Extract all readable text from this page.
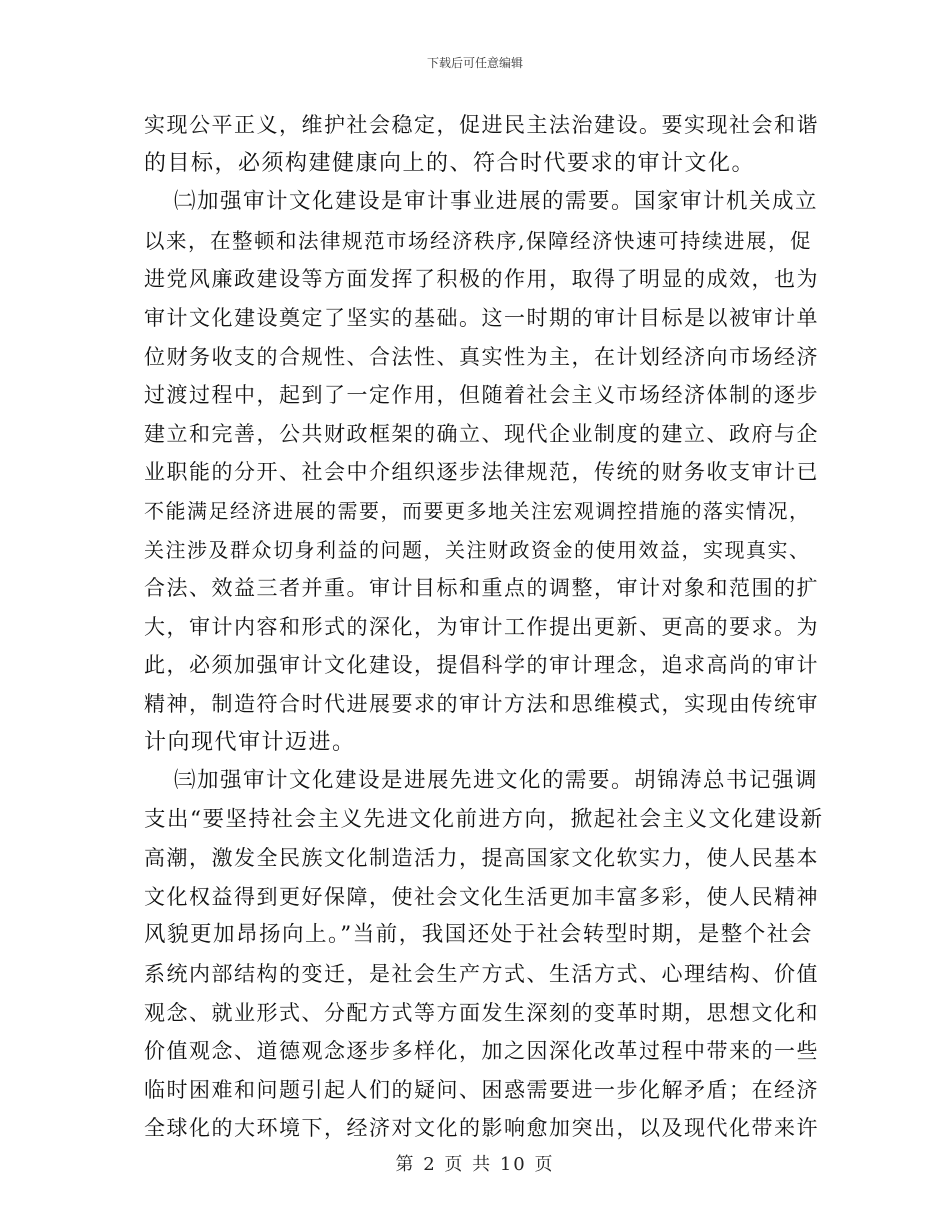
下载后可任意编辑
实现公平正义，维护社会稳定，促进民主法治建设。要实现社会和谐
的目标，必须构建健康向上的、符合时代要求的审计文化。
㈡加强审计文化建设是审计事业进展的需要。国家审计机关成立
以来，在整顿和法律规范市场经济秩序,保障经济快速可持续进展，促
进党风廉政建设等方面发挥了积极的作用，取得了明显的成效，也为
审计文化建设奠定了坚实的基础。这一时期的审计目标是以被审计单
位财务收支的合规性、合法性、真实性为主，在计划经济向市场经济
过渡过程中，起到了一定作用，但随着社会主义市场经济体制的逐步
建立和完善，公共财政框架的确立、现代企业制度的建立、政府与企
业职能的分开、社会中介组织逐步法律规范，传统的财务收支审计已
不能满足经济进展的需要，而要更多地关注宏观调控措施的落实情况，
关注涉及群众切身利益的问题，关注财政资金的使用效益，实现真实、
合法、效益三者并重。审计目标和重点的调整，审计对象和范围的扩
大，审计内容和形式的深化，为审计工作提出更新、更高的要求。为
此，必须加强审计文化建设，提倡科学的审计理念，追求高尚的审计
精神，制造符合时代进展要求的审计方法和思维模式，实现由传统审
计向现代审计迈进。
㈢加强审计文化建设是进展先进文化的需要。胡锦涛总书记强调
支出“要坚持社会主义先进文化前进方向，掀起社会主义文化建设新
高潮，激发全民族文化制造活力，提高国家文化软实力，使人民基本
文化权益得到更好保障，使社会文化生活更加丰富多彩，使人民精神
风貌更加昂扬向上。”当前，我国还处于社会转型时期，是整个社会
系统内部结构的变迁，是社会生产方式、生活方式、心理结构、价值
观念、就业形式、分配方式等方面发生深刻的变革时期，思想文化和
价值观念、道德观念逐步多样化，加之因深化改革过程中带来的一些
临时困难和问题引起人们的疑问、困惑需要进一步化解矛盾；在经济
全球化的大环境下，经济对文化的影响愈加突出，以及现代化带来许
第 2 页 共 10 页
